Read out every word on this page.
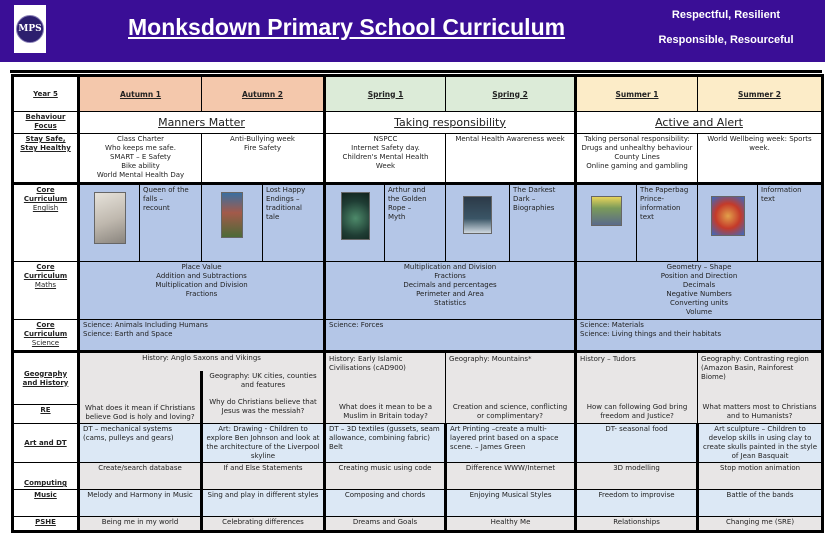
MPS	Monksdown Primary School Curriculum	Respectful, Resilient
Responsible, Resourceful
Year 5	Autumn 1	Autumn 2	Spring 1	Spring 2	Summer 1	Summer 2

Behaviour
Focus	Manners Matter	Taking responsibility	Active and Alert

Stay Safe,
Stay Healthy

Class Charter
Who keeps me safe.
SMART – E Safety
Bike ability
World Mental Health Day

Anti-Bullying week
Fire Safety

NSPCC
Internet Safety day.
Children's Mental Health
Week

Mental Health Awareness week	Taking personal responsibility:
Drugs and unhealthy behaviour
County Lines
Online gaming and gambling

World Wellbeing week: Sports
week.

Core
Curriculum
English

Queen of the
falls –
recount

Lost Happy
Endings –
traditional
tale

Arthur and
the Golden
Rope –
Myth

The Darkest
Dark –
Biographies

The Paperbag
Prince-
information
text

Information
text

Core
Curriculum
Maths

Place Value
Addition and Subtractions
Multiplication and Division
Fractions

Multiplication and Division
Fractions
Decimals and percentages
Perimeter and Area
Statistics

Geometry – Shape
Position and Direction
Decimals
Negative Numbers
Converting units
Volume

Core
Curriculum
Science

Science: Animals Including Humans
Science: Earth and Space

Science: Forces	Science: Materials
Science: Living things and their habitats

Geography
and History
	History: Anglo Saxons and Vikings	History: Early Islamic Civilisations (cAD900)
What does it mean to be a Muslim in Britain today?

Geography: Mountains*
Creation and science, conflicting or complimentary?

History – Tudors
How can following God bring freedom and Justice?

Geography: Contrasting region (Amazon Basin, Rainforest Biome)
What matters most to Christians and to Humanists?

What does it mean if Christians believe God is holy and loving?	
Geography: UK cities, counties and features
Why do Christians believe that Jesus was the messiah?

RE
Art and DT	DT – mechanical systems (cams, pulleys and gears)	Art: Drawing - Children to explore Ben Johnson and look at the architecture of the Liverpool skyline	DT – 3D textiles (gussets, seam allowance, combining fabric) Belt	Art Printing –create a multi-layered print based on a space scene. – James Green	DT- seasonal food	Art sculpture – Children to develop skills in using clay to create skulls painted in the style of Jean Basquait
Computing	Create/search database	If and Else Statements	Creating music using code	Difference WWW/Internet	3D modelling	Stop motion animation
Music	Melody and Harmony in Music	Sing and play in different styles	Composing and chords	Enjoying Musical Styles	Freedom to improvise	Battle of the bands
PSHE	Being me in my world	Celebrating differences	Dreams and Goals	Healthy Me	Relationships	Changing me (SRE)
